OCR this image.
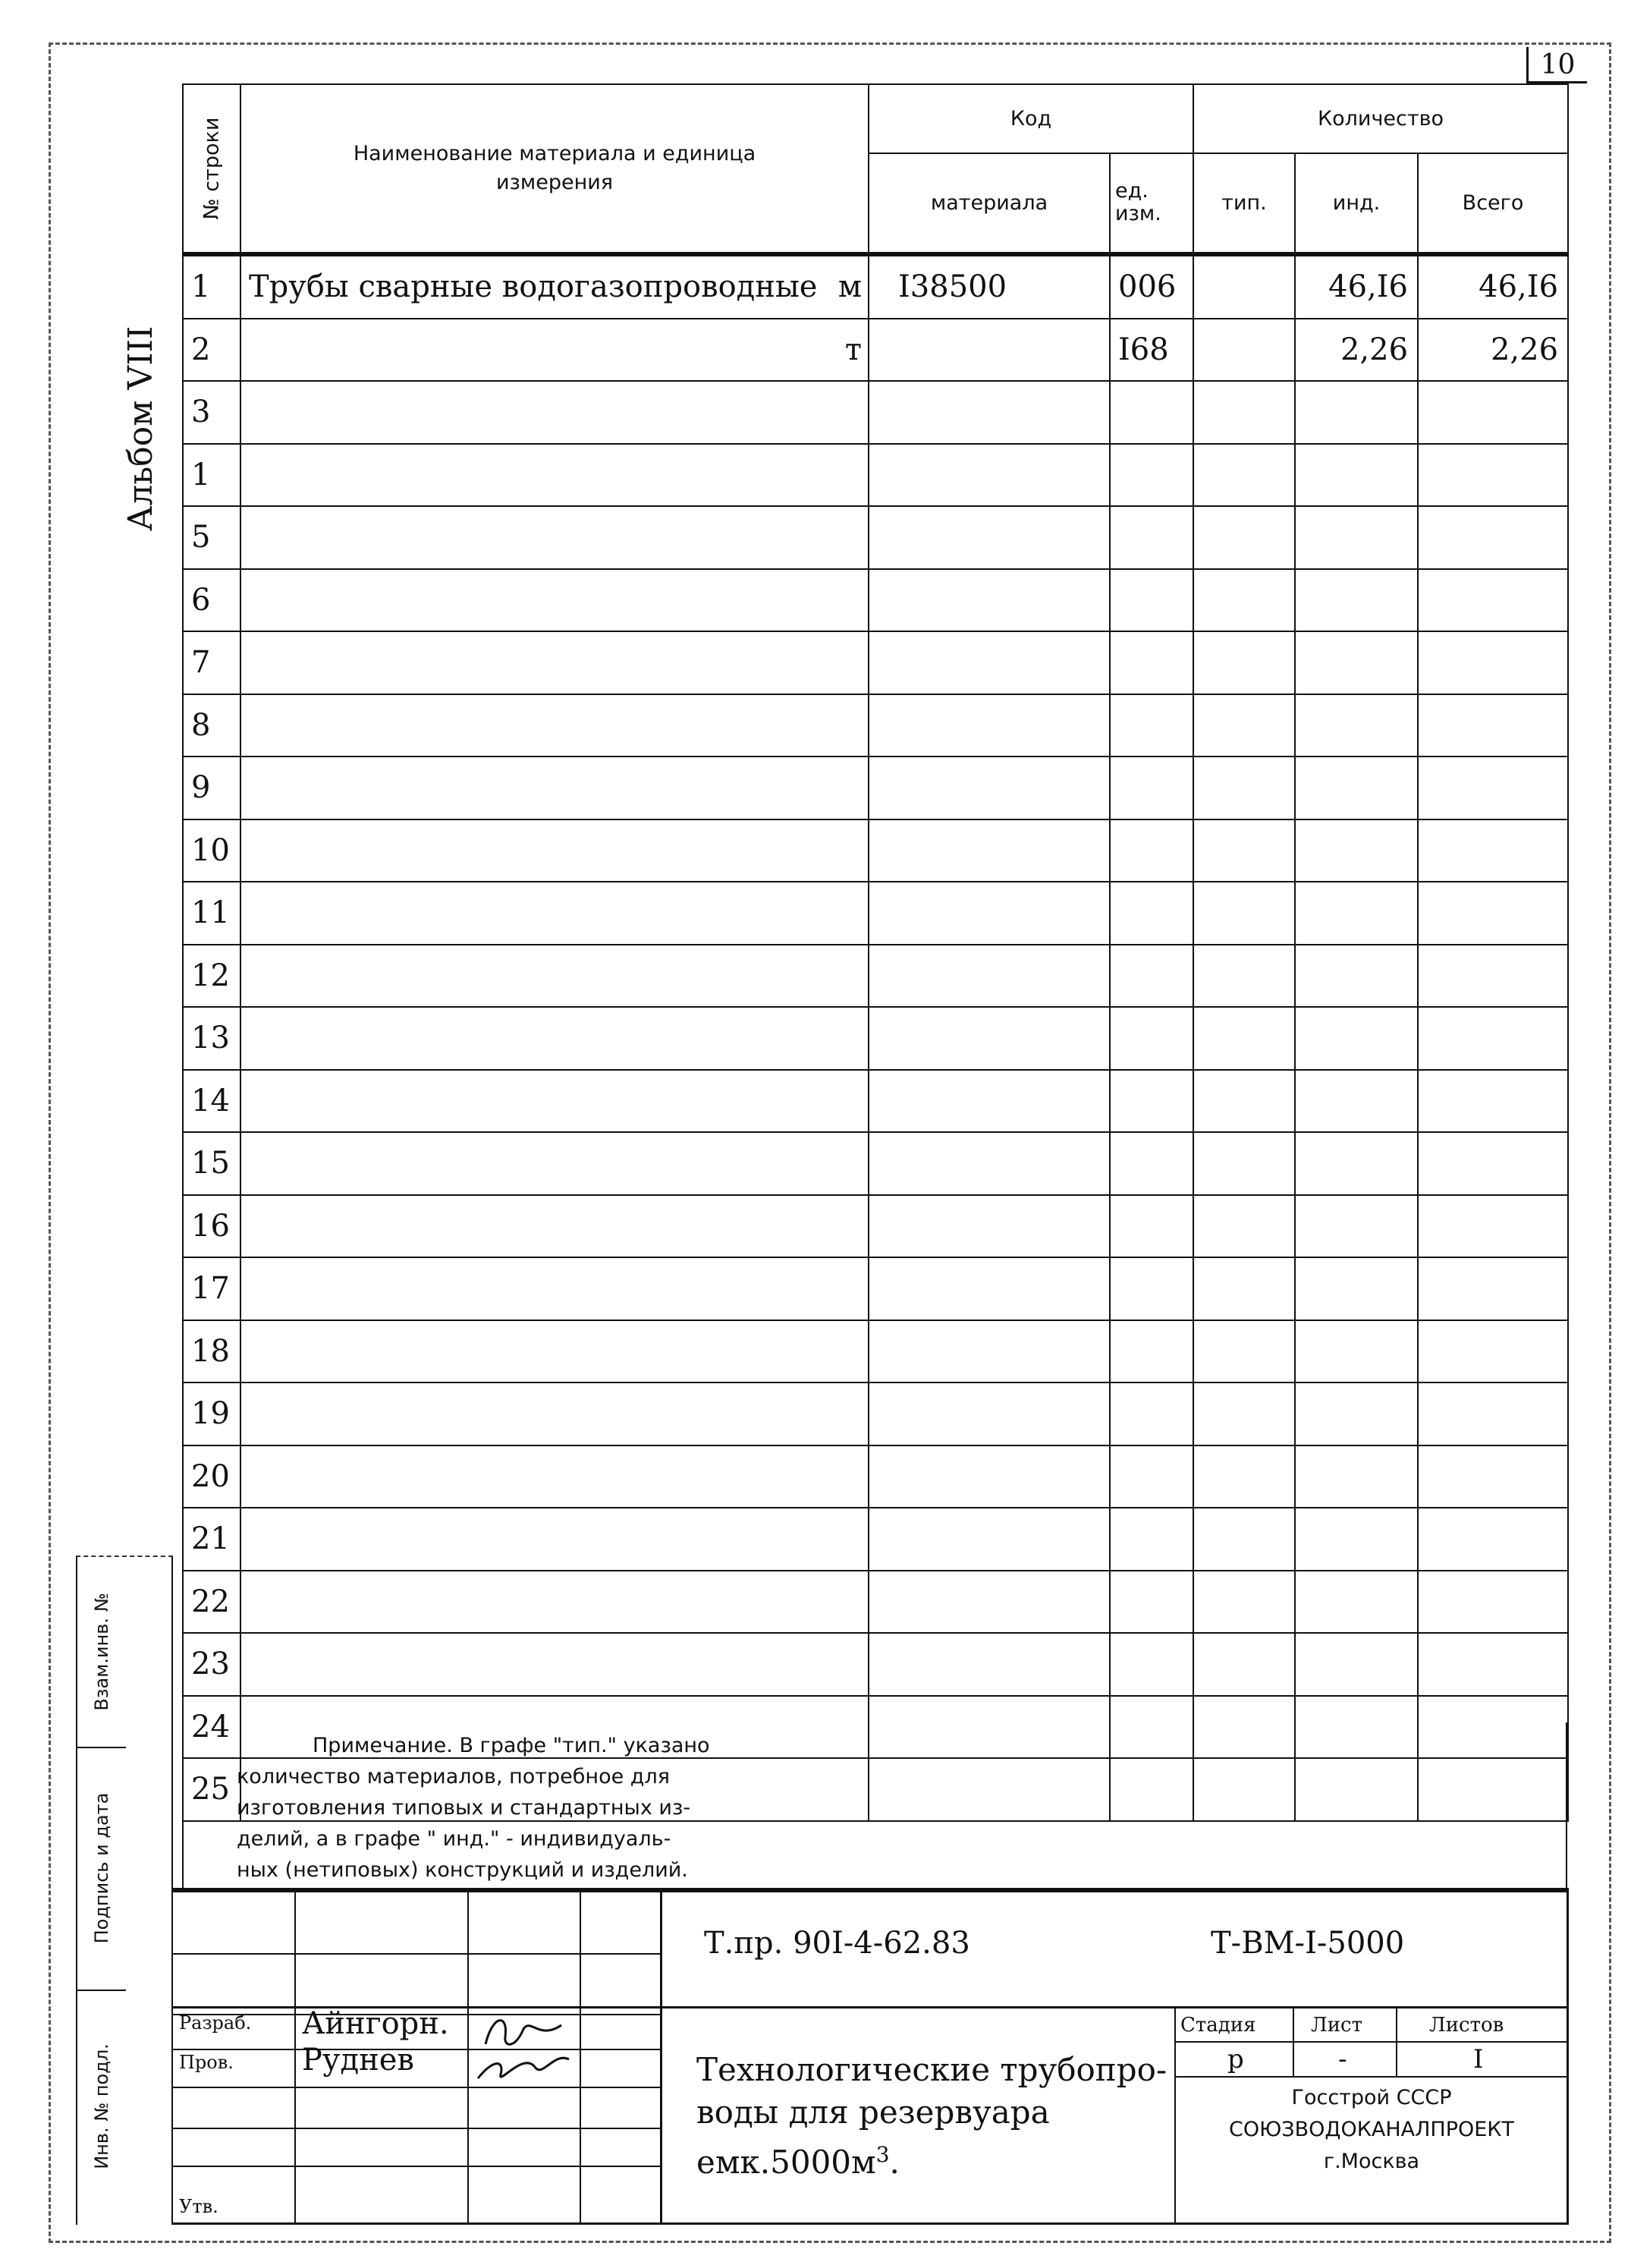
10
Альбом VIII
№ строки	Наименование материала и единица измерения	Код		Количество		
		материала	ед. изм.	тип.	инд.	Всего
1	Трубы сварные водогазопроводные м	I38500	006		46,I6	46,I6
2	т		I68		2,26	2,26
3						
1						
5						
6						
7						
8						
9						
10						
11						
12						
13						
14						
15						
16						
17						
18						
19						
20						
21						
22						
23						
24						
25						
Примечание. В графе "тип." указано
количество материалов, потребное для
изготовления типовых и стандартных из-
делий, а в графе " инд." - индивидуаль-
ных (нетиповых) конструкций и изделий.
Взам.инв. №
Подпись и дата
Инв. № подл.
Разраб. Айнгорн.
Пров. Руднев
Утв.
Т.пр. 90I-4-62.83	Т-ВМ-I-5000
Технологические трубопро-
воды для резервуара
$емк.5000м^3$.
Стадия	Лист	Листов
р	-	I
Госстрой СССР
СОЮЗВОДОКАНАЛПРОЕКТ
г.Москва
